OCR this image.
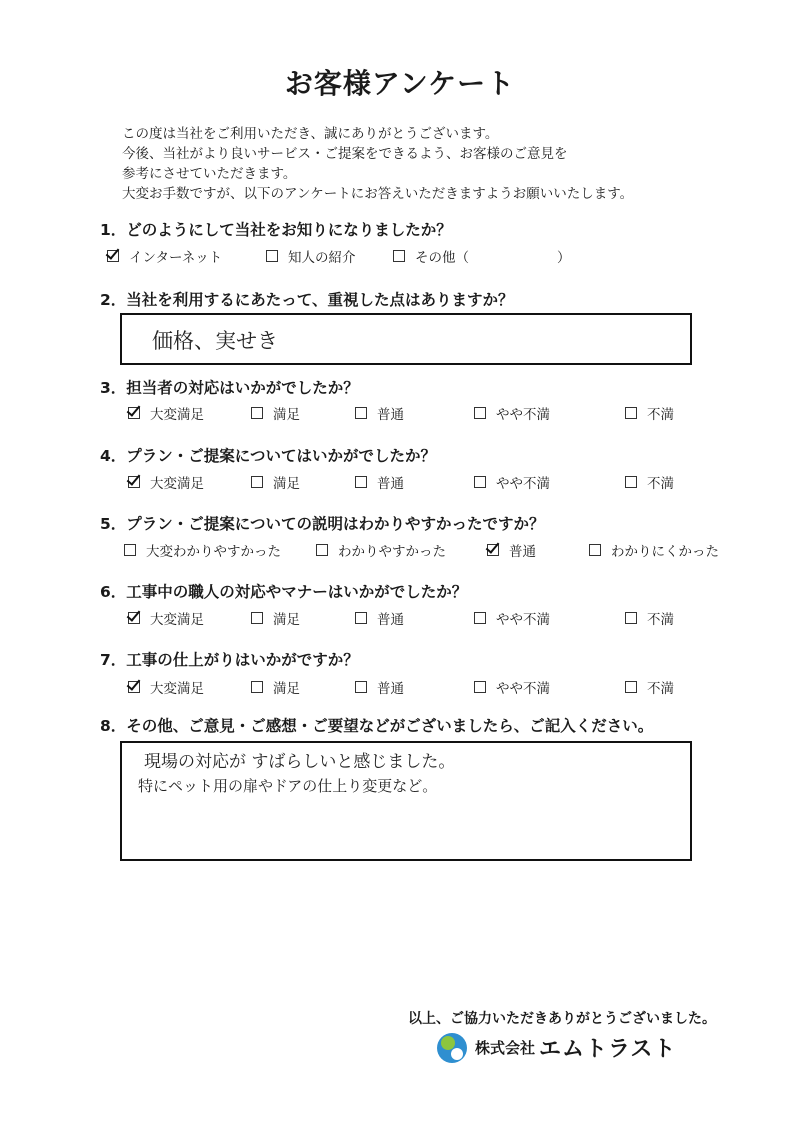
お客様アンケート
この度は当社をご利用いただき、誠にありがとうございます。
今後、当社がより良いサービス・ご提案をできるよう、お客様のご意見を
参考にさせていただきます。
大変お手数ですが、以下のアンケートにお答えいただきますようお願いいたします。
1．どのようにして当社をお知りになりましたか？
インターネット	知人の紹介	その他（	）
2．当社を利用するにあたって、重視した点はありますか？
価格、実せき
3．担当者の対応はいかがでしたか？
大変満足	満足	普通	やや不満	不満
4．プラン・ご提案についてはいかがでしたか？
大変満足	満足	普通	やや不満	不満
5．プラン・ご提案についての説明はわかりやすかったですか？
大変わかりやすかった	わかりやすかった	普通	わかりにくかった
6．工事中の職人の対応やマナーはいかがでしたか？
大変満足	満足	普通	やや不満	不満
7．工事の仕上がりはいかがですか？
大変満足	満足	普通	やや不満	不満
8．その他、ご意見・ご感想・ご要望などがございましたら、ご記入ください。
現場の対応が すばらしいと感じました。
特にペット用の扉やドアの仕上り変更など。
以上、ご協力いただきありがとうございました。
株式会社 エムトラスト
